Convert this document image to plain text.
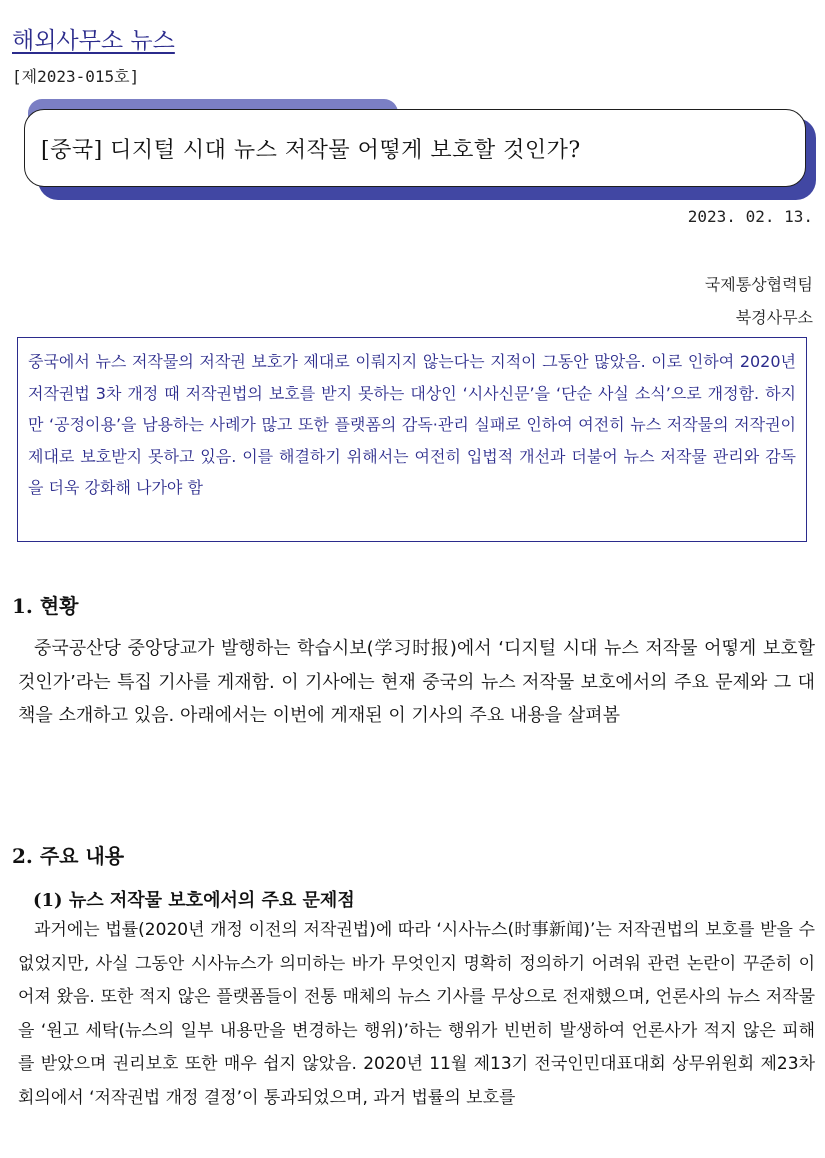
해외사무소 뉴스
[제2023-015호]
[중국] 디지털 시대 뉴스 저작물 어떻게 보호할 것인가?
2023. 02. 13.
국제통상협력팀
북경사무소

중국에서 뉴스 저작물의 저작권 보호가 제대로 이뤄지지 않는다는 지적이 그동안 많았음. 이로 인하여 2020년 저작권법 3차 개정 때 저작권법의 보호를 받지 못하는 대상인 ‘시사신문’을 ‘단순 사실 소식’으로 개정함. 하지만 ‘공정이용’을 남용하는 사례가 많고 또한 플랫폼의 감독·관리 실패로 인하여 여전히 뉴스 저작물의 저작권이 제대로 보호받지 못하고 있음. 이를 해결하기 위해서는 여전히 입법적 개선과 더불어 뉴스 저작물 관리와 감독을 더욱 강화해 나가야 함

1. 현황

중국공산당 중앙당교가 발행하는 학습시보(学习时报)에서 ‘디지털 시대 뉴스 저작물 어떻게 보호할 것인가’라는 특집 기사를 게재함. 이 기사에는 현재 중국의 뉴스 저작물 보호에서의 주요 문제와 그 대책을 소개하고 있음. 아래에서는 이번에 게재된 이 기사의 주요 내용을 살펴봄

2. 주요 내용
(1) 뉴스 저작물 보호에서의 주요 문제점

과거에는 법률(2020년 개정 이전의 저작권법)에 따라 ‘시사뉴스(时事新闻)’는 저작권법의 보호를 받을 수 없었지만, 사실 그동안 시사뉴스가 의미하는 바가 무엇인지 명확히 정의하기 어려워 관련 논란이 꾸준히 이어져 왔음. 또한 적지 않은 플랫폼들이 전통 매체의 뉴스 기사를 무상으로 전재했으며, 언론사의 뉴스 저작물을 ‘원고 세탁(뉴스의 일부 내용만을 변경하는 행위)’하는 행위가 빈번히 발생하여 언론사가 적지 않은 피해를 받았으며 권리보호 또한 매우 쉽지 않았음. 2020년 11월 제13기 전국인민대표대회 상무위원회 제23차 회의에서 ‘저작권법 개정 결정’이 통과되었으며, 과거 법률의 보호를
